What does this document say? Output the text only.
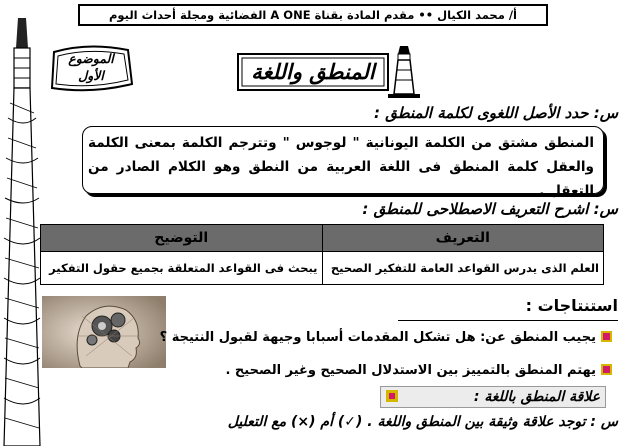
أ/ محمد الكيال •• مقدم المادة بقناة A ONE الفضائية ومجلة أحداث اليوم
الموضوع
الأول	المنطق واللغة
س: حدد الأصل اللغوى لكلمة المنطق :
المنطق مشتق من الكلمة اليونانية " لوجوس " وتترجم الكلمة بمعنى الكلمة والعقل كلمة المنطق فى اللغة العربية من النطق وهو الكلام الصادر من التعقل .
س: اشرح التعريف الاصطلاحى للمنطق :
التعريف	التوضيح
العلم الذى يدرس القواعد العامة للتفكير الصحيح	يبحث فى القواعد المتعلقة بجميع حقول التفكير
استنتاجات :
يجيب المنطق عن: هل تشكل المقدمات أسبابا وجيهة لقبول النتيجة ؟
يهتم المنطق بالتمييز بين الاستدلال الصحيح وغير الصحيح .
علاقة المنطق باللغة :
س : توجد علاقة وثيقة بين المنطق واللغة . (✓) أم (×) مع التعليل
